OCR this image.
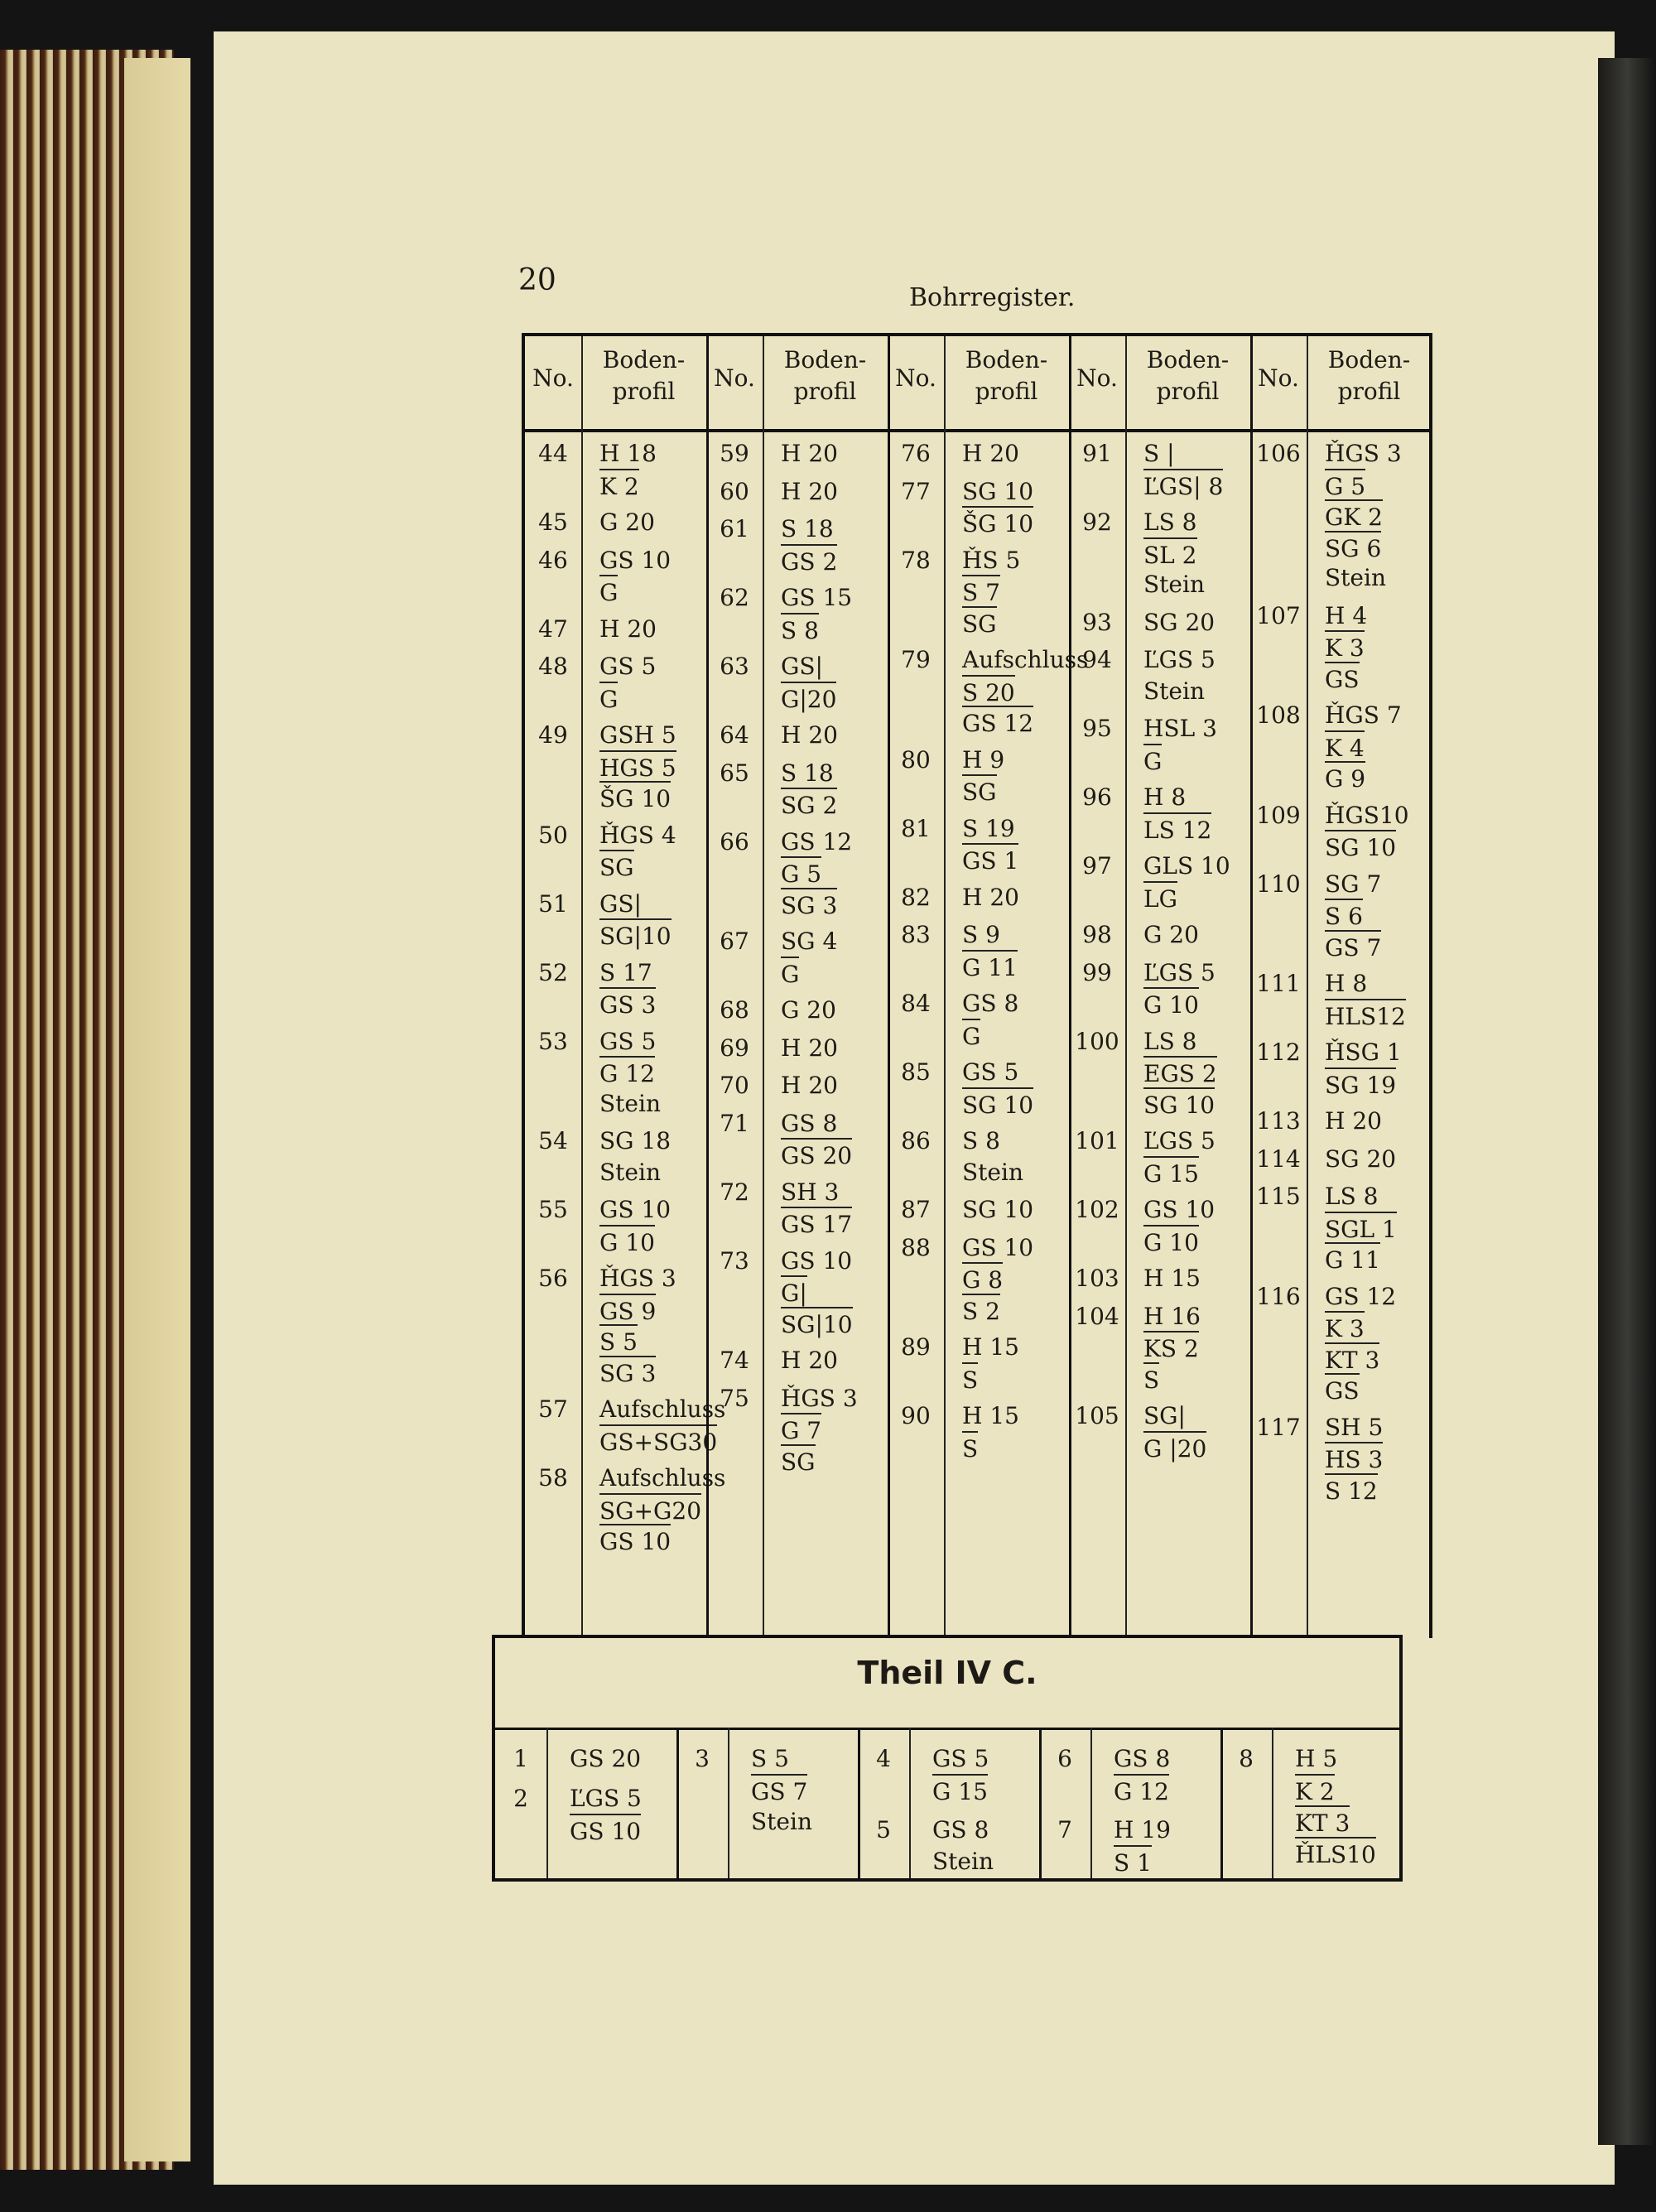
20
Bohrregister.
No.
Boden-
profil
44	H 18
K 2
45	G 20
46	GS 10
G
47	H 20
48	GS 5
G
49	GSH 5
HGS 5
ŠG 10
50	ȞGS 4
SG
51	GS|
SG|10
52	S 17
GS 3
53	GS 5
G 12
Stein
54	SG 18
Stein
55	GS 10
G 10
56	ȞGS 3
GS 9
S 5
SG 3
57	Aufschluss
GS+SG30
58	Aufschluss
SG+G20
GS 10
No.
Boden-
profil
59	H 20
60	H 20
61	S 18
GS 2
62	GS 15
S 8
63	GS|
G|20
64	H 20
65	S 18
SG 2
66	GS 12
G 5
SG 3
67	SG 4
G
68	G 20
69	H 20
70	H 20
71	GS 8
GS 20
72	SH 3
GS 17
73	GS 10
G|
SG|10
74	H 20
75	ȞGS 3
G 7
SG
No.
Boden-
profil
76	H 20
77	SG 10
ŠG 10
78	ȞS 5
S 7
SG
79	Aufschluss
S 20
GS 12
80	H 9
SG
81	S 19
GS 1
82	H 20
83	S 9
G 11
84	GS 8
G
85	GS 5
SG 10
86	S 8
Stein
87	SG 10
88	GS 10
G 8
S 2
89	H 15
S
90	H 15
S
No.
Boden-
profil
91	S |
ĽGS| 8
92	LS 8
SL 2
Stein
93	SG 20
94	ĽGS 5
Stein
95	HSL 3
G
96	H 8
LS 12
97	GLS 10
LG
98	G 20
99	ĽGS 5
G 10
100 LS 8
EGS 2
SG 10
101 ĽGS 5
G 15
102 GS 10
G 10
103 H 15
104 H 16
KS 2
S
105 SG|
G |20
No.
Boden-
profil
106 ȞGS 3
G 5
GK 2
SG 6
Stein
107 H 4
K 3
GS
108 ȞGS 7
K 4
G 9
109 ȞGS10
SG 10
110 SG 7
S 6
GS 7
111 H 8
HLS12
112 ȞSG 1
SG 19
113 H 20
114 SG 20
115 LS 8
SGL 1
G 11
116 GS 12
K 3
KT 3
GS
117 SH 5
HS 3
S 12
Theil IV C.
1	GS 20
2	ĽGS 5
GS 10
3	S 5
GS 7
Stein
4	GS 5
G 15
5	GS 8
Stein
6	GS 8
G 12
7	H 19
S 1
8	H 5
K 2
KT 3
ȞLS10
